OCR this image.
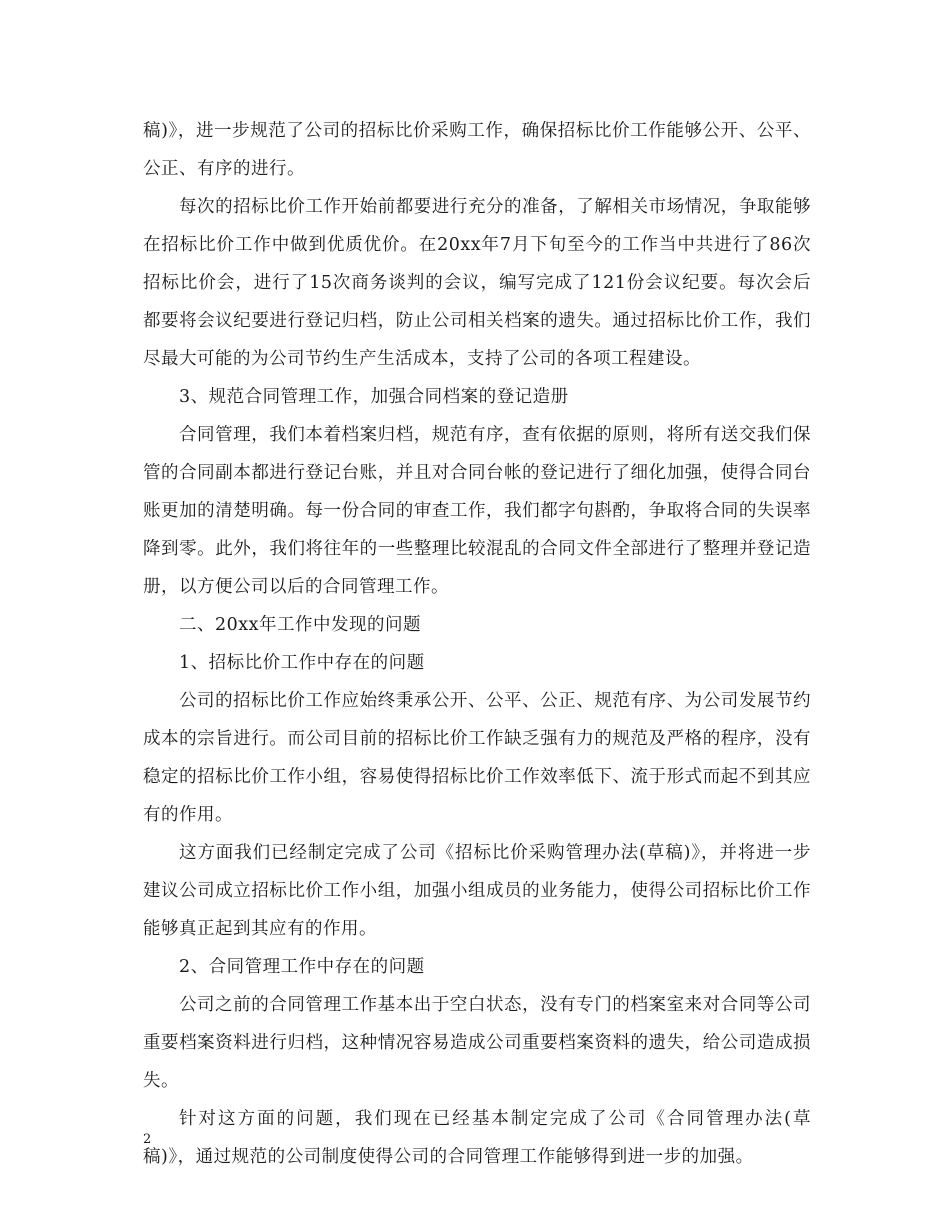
稿)》，进一步规范了公司的招标比价采购工作，确保招标比价工作能够公开、公平、公正、有序的进行。

每次的招标比价工作开始前都要进行充分的准备，了解相关市场情况，争取能够在招标比价工作中做到优质优价。在20xx年7月下旬至今的工作当中共进行了86次招标比价会，进行了15次商务谈判的会议，编写完成了121份会议纪要。每次会后都要将会议纪要进行登记归档，防止公司相关档案的遗失。通过招标比价工作，我们尽最大可能的为公司节约生产生活成本，支持了公司的各项工程建设。

3、规范合同管理工作，加强合同档案的登记造册

合同管理，我们本着档案归档，规范有序，查有依据的原则，将所有送交我们保管的合同副本都进行登记台账，并且对合同台帐的登记进行了细化加强，使得合同台账更加的清楚明确。每一份合同的审查工作，我们都字句斟酌，争取将合同的失误率降到零。此外，我们将往年的一些整理比较混乱的合同文件全部进行了整理并登记造册，以方便公司以后的合同管理工作。

二、20xx年工作中发现的问题

1、招标比价工作中存在的问题

公司的招标比价工作应始终秉承公开、公平、公正、规范有序、为公司发展节约成本的宗旨进行。而公司目前的招标比价工作缺乏强有力的规范及严格的程序，没有稳定的招标比价工作小组，容易使得招标比价工作效率低下、流于形式而起不到其应有的作用。

这方面我们已经制定完成了公司《招标比价采购管理办法(草稿)》，并将进一步建议公司成立招标比价工作小组，加强小组成员的业务能力，使得公司招标比价工作能够真正起到其应有的作用。

2、合同管理工作中存在的问题

公司之前的合同管理工作基本出于空白状态，没有专门的档案室来对合同等公司重要档案资料进行归档，这种情况容易造成公司重要档案资料的遗失，给公司造成损失。

针对这方面的问题，我们现在已经基本制定完成了公司《合同管理办法(草稿)》，通过规范的公司制度使得公司的合同管理工作能够得到进一步的加强。

2
